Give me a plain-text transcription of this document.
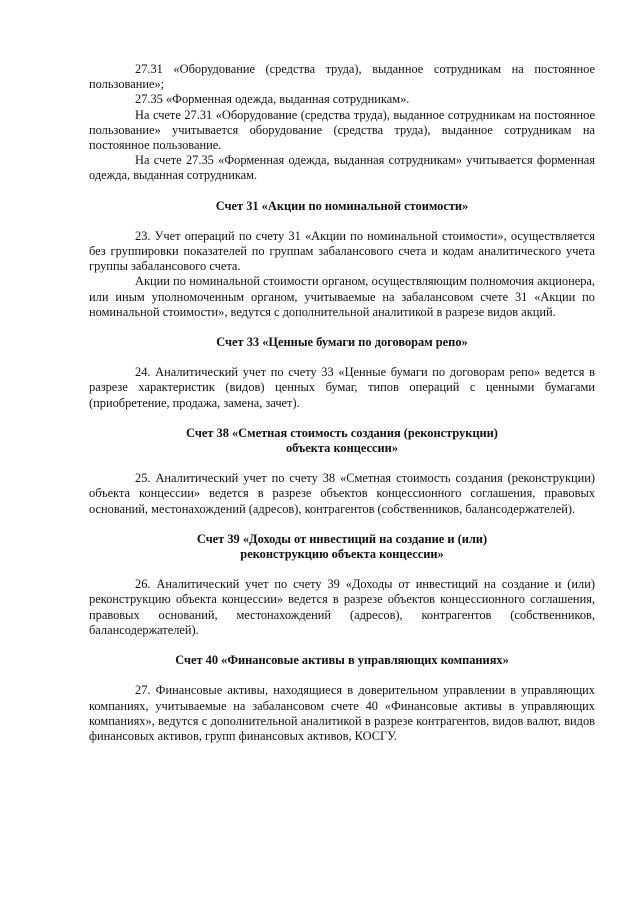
27.31 «Оборудование (средства труда), выданное сотрудникам на постоянное пользование»;

27.35 «Форменная одежда, выданная сотрудникам».

На счете 27.31 «Оборудование (средства труда), выданное сотрудникам на постоянное пользование» учитывается оборудование (средства труда), выданное сотрудникам на постоянное пользование.

На счете 27.35 «Форменная одежда, выданная сотрудникам» учитывается форменная одежда, выданная сотрудникам.

Счет 31 «Акции по номинальной стоимости»

23. Учет операций по счету 31 «Акции по номинальной стоимости», осуществляется без группировки показателей по группам забалансового счета и кодам аналитического учета группы забалансового счета.

Акции по номинальной стоимости органом, осуществляющим полномочия акционера, или иным уполномоченным органом, учитываемые на забалансовом счете 31 «Акции по номинальной стоимости», ведутся с дополнительной аналитикой в разрезе видов акций.

Счет 33 «Ценные бумаги по договорам репо»

24. Аналитический учет по счету 33 «Ценные бумаги по договорам репо» ведется в разрезе характеристик (видов) ценных бумаг, типов операций с ценными бумагами (приобретение, продажа, замена, зачет).

Счет 38 «Сметная стоимость создания (реконструкции)
объекта концессии»

25. Аналитический учет по счету 38 «Сметная стоимость создания (реконструкции) объекта концессии» ведется в разрезе объектов концессионного соглашения, правовых оснований, местонахождений (адресов), контрагентов (собственников, балансодержателей).

Счет 39 «Доходы от инвестиций на создание и (или)
реконструкцию объекта концессии»

26. Аналитический учет по счету 39 «Доходы от инвестиций на создание и (или) реконструкцию объекта концессии» ведется в разрезе объектов концессионного соглашения, правовых оснований, местонахождений (адресов), контрагентов (собственников, балансодержателей).

Счет 40 «Финансовые активы в управляющих компаниях»

27. Финансовые активы, находящиеся в доверительном управлении в управляющих компаниях, учитываемые на забалансовом счете 40 «Финансовые активы в управляющих компаниях», ведутся с дополнительной аналитикой в разрезе контрагентов, видов валют, видов финансовых активов, групп финансовых активов, КОСГУ.
